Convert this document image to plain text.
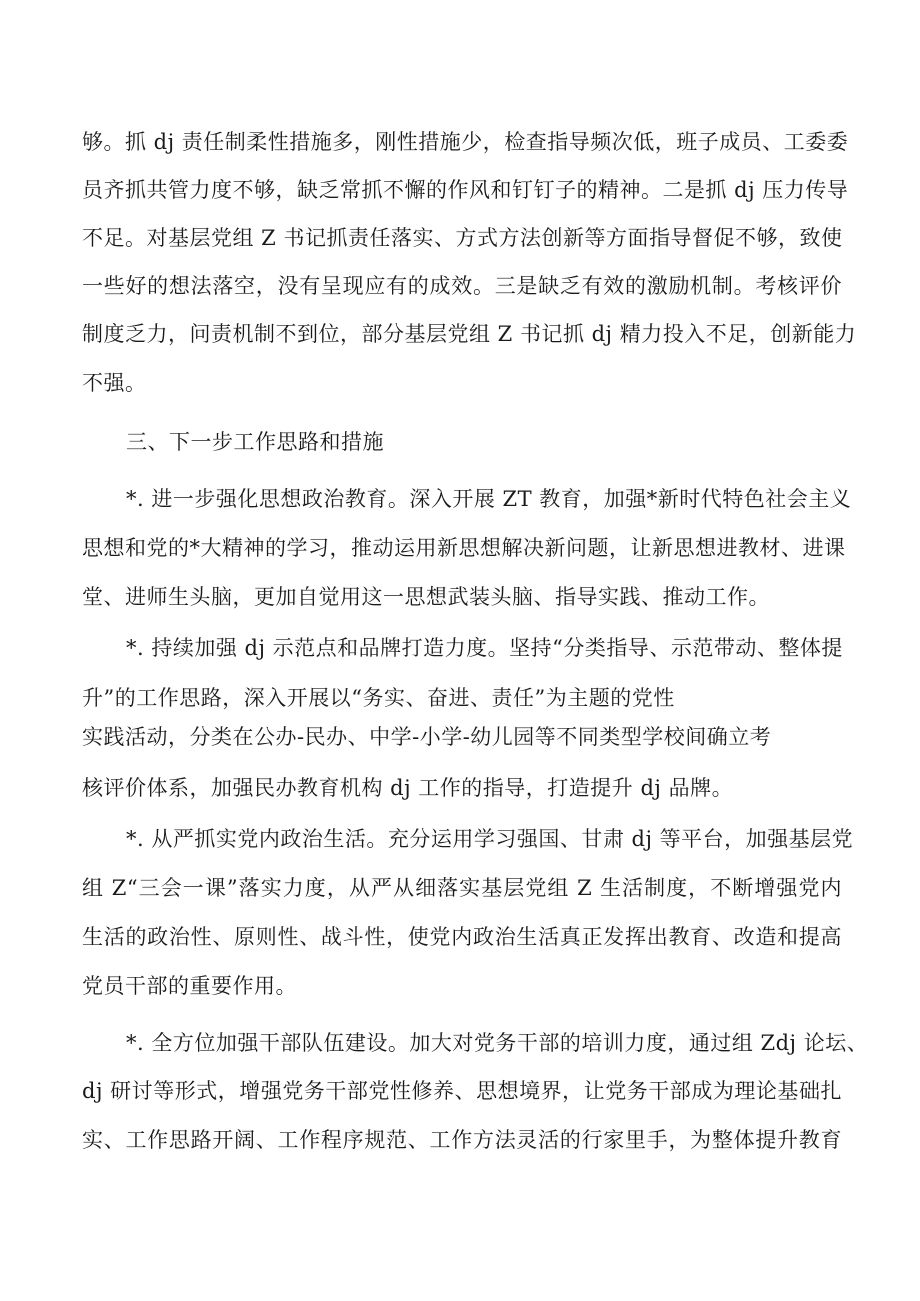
够。抓 dj 责任制柔性措施多，刚性措施少，检查指导频次低，班子成员、工委委
员齐抓共管力度不够，缺乏常抓不懈的作风和钉钉子的精神。二是抓 dj 压力传导
不足。对基层党组 Z 书记抓责任落实、方式方法创新等方面指导督促不够，致使
一些好的想法落空，没有呈现应有的成效。三是缺乏有效的激励机制。考核评价
制度乏力，问责机制不到位，部分基层党组 Z 书记抓 dj 精力投入不足，创新能力
不强。
三、下一步工作思路和措施
*. 进一步强化思想政治教育。深入开展 ZT 教育，加强*新时代特色社会主义
思想和党的*大精神的学习，推动运用新思想解决新问题，让新思想进教材、进课
堂、进师生头脑，更加自觉用这一思想武装头脑、指导实践、推动工作。
*. 持续加强 dj 示范点和品牌打造力度。坚持“分类指导、示范带动、整体提
升”的工作思路，深入开展以“务实、奋进、责任”为主题的党性
实践活动，分类在公办-民办、中学-小学-幼儿园等不同类型学校间确立考
核评价体系，加强民办教育机构 dj 工作的指导，打造提升 dj 品牌。
*. 从严抓实党内政治生活。充分运用学习强国、甘肃 dj 等平台，加强基层党
组 Z“三会一课”落实力度，从严从细落实基层党组 Z 生活制度，不断增强党内
生活的政治性、原则性、战斗性，使党内政治生活真正发挥出教育、改造和提高
党员干部的重要作用。
*. 全方位加强干部队伍建设。加大对党务干部的培训力度，通过组 Zdj 论坛、
dj 研讨等形式，增强党务干部党性修养、思想境界，让党务干部成为理论基础扎
实、工作思路开阔、工作程序规范、工作方法灵活的行家里手，为整体提升教育
